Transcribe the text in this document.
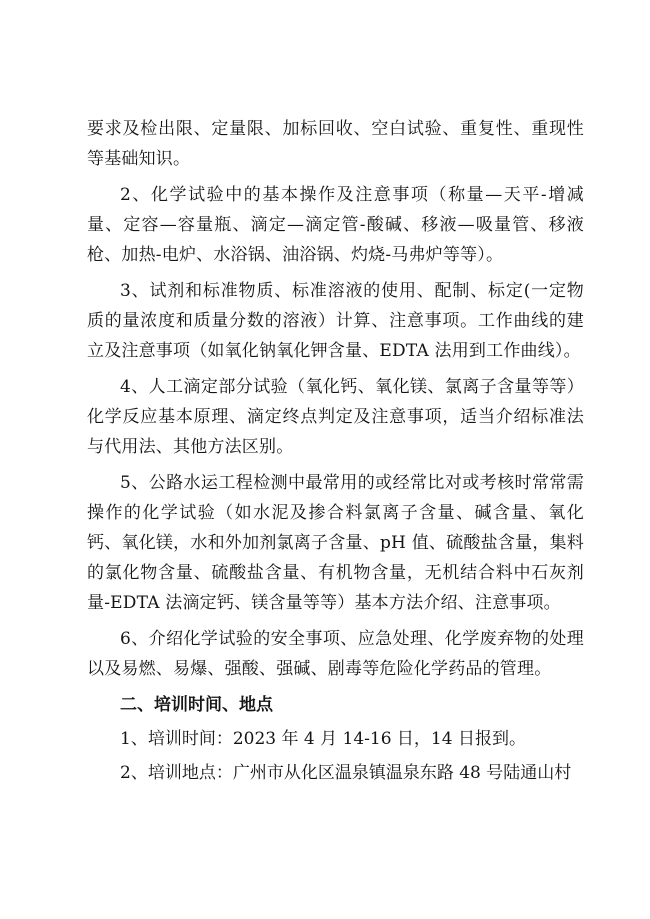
要求及检出限、定量限、加标回收、空白试验、重复性、重现性等基础知识。

2、化学试验中的基本操作及注意事项（称量—天平-增减量、定容—容量瓶、滴定—滴定管-酸碱、移液—吸量管、移液枪、加热-电炉、水浴锅、油浴锅、灼烧-马弗炉等等）。

3、试剂和标准物质、标准溶液的使用、配制、标定(一定物质的量浓度和质量分数的溶液）计算、注意事项。工作曲线的建立及注意事项（如氧化钠氧化钾含量、EDTA 法用到工作曲线）。

4、人工滴定部分试验（氧化钙、氧化镁、氯离子含量等等）化学反应基本原理、滴定终点判定及注意事项，适当介绍标准法与代用法、其他方法区别。

5、公路水运工程检测中最常用的或经常比对或考核时常常需操作的化学试验（如水泥及掺合料氯离子含量、碱含量、氧化钙、氧化镁，水和外加剂氯离子含量、pH 值、硫酸盐含量，集料的氯化物含量、硫酸盐含量、有机物含量，无机结合料中石灰剂量-EDTA 法滴定钙、镁含量等等）基本方法介绍、注意事项。

6、介绍化学试验的安全事项、应急处理、化学废弃物的处理以及易燃、易爆、强酸、强碱、剧毒等危险化学药品的管理。

二、培训时间、地点
1、培训时间：2023 年 4 月 14-16 日，14 日报到。
2、培训地点：广州市从化区温泉镇温泉东路 48 号陆通山村
